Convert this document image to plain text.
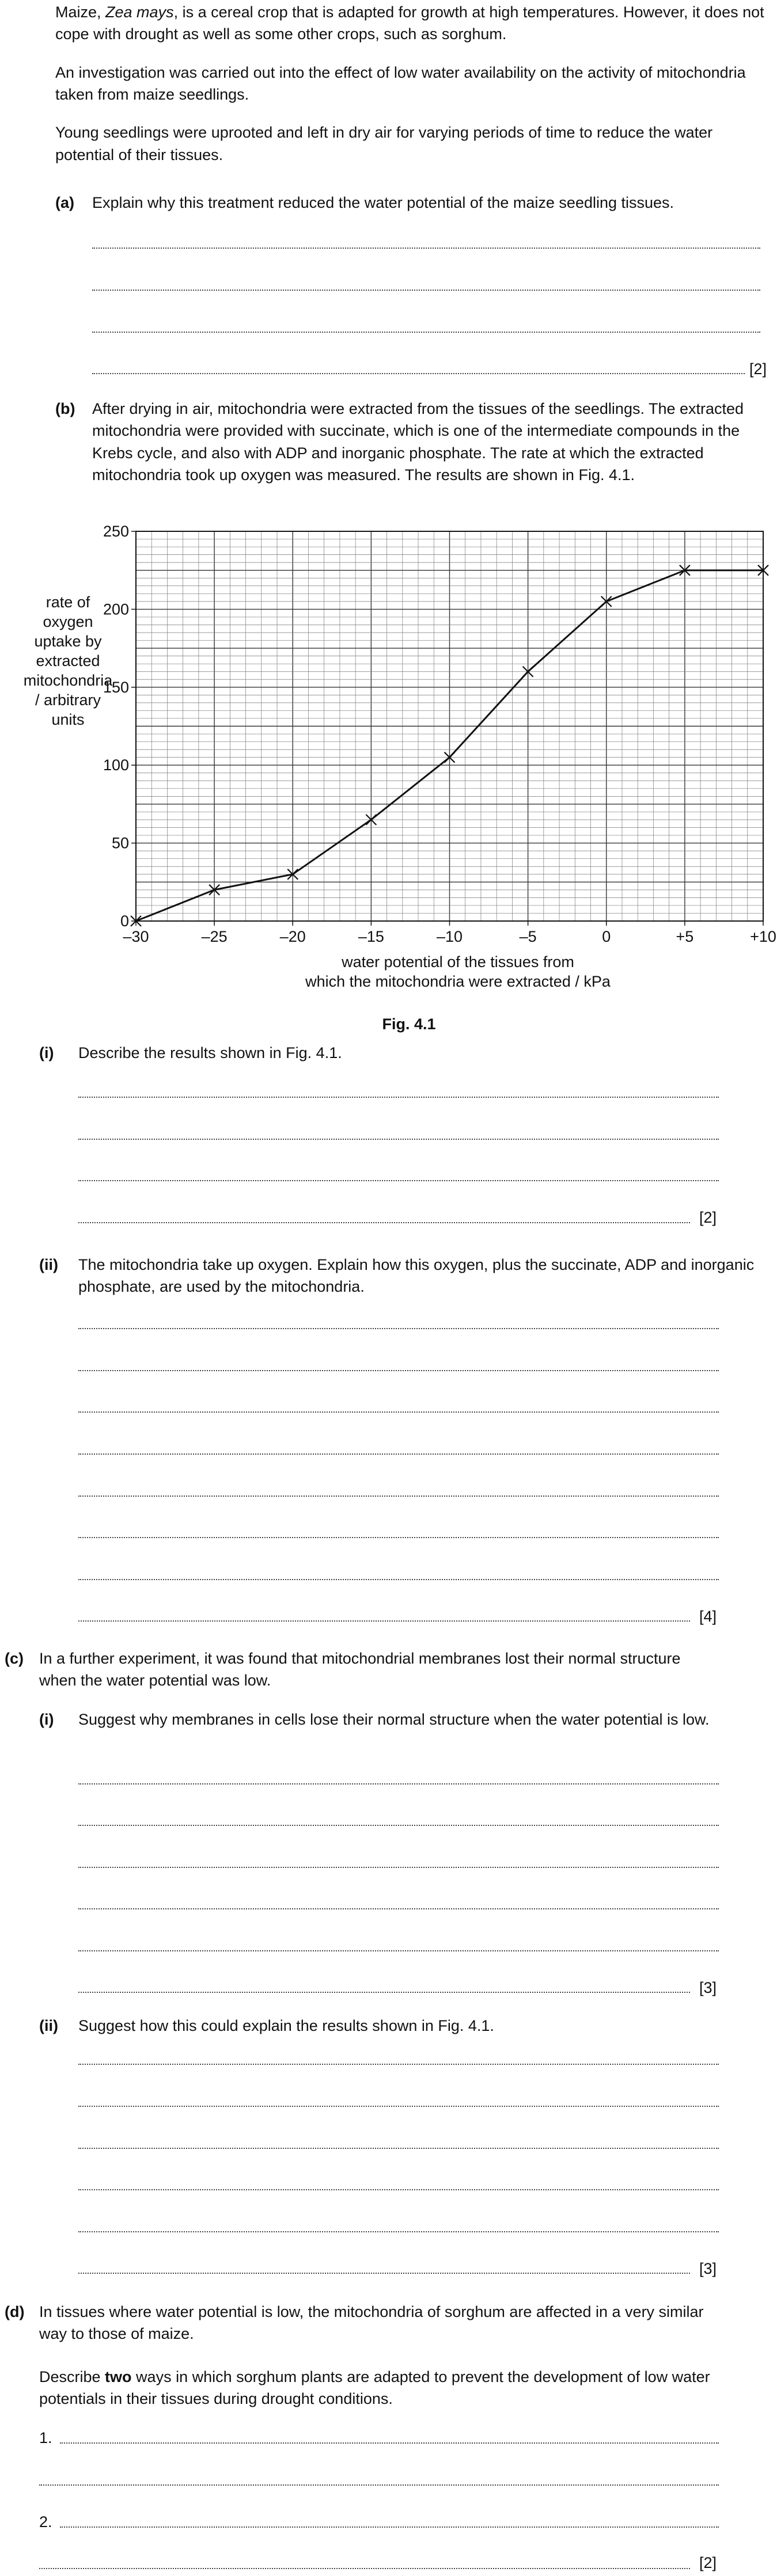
Maize, Zea mays, is a cereal crop that is adapted for growth at high temperatures. However, it does not cope with drought as well as some other crops, such as sorghum.

An investigation was carried out into the effect of low water availability on the activity of mitochondria taken from maize seedlings.

Young seedlings were uprooted and left in dry air for varying periods of time to reduce the water potential of their tissues.

(a) Explain why this treatment reduced the water potential of the maize seedling tissues.

[2]
(b) After drying in air, mitochondria were extracted from the tissues of the seedlings. The extracted mitochondria were provided with succinate, which is one of the intermediate compounds in the Krebs cycle, and also with ADP and inorganic phosphate. The rate at which the extracted mitochondria took up oxygen was measured. The results are shown in Fig. 4.1.

–30	–25	–20	–15	–10	–5	0	+5	+10
0
50
100
150
200
250
rate of
oxygen
uptake by
extracted
mitochondria
/ arbitrary
units
water potential of the tissues from
which the mitochondria were extracted / kPa
Fig. 4.1
(i) Describe the results shown in Fig. 4.1.

[2]
(ii) The mitochondria take up oxygen. Explain how this oxygen, plus the succinate, ADP and inorganic phosphate, are used by the mitochondria.

[4]
(c) In a further experiment, it was found that mitochondrial membranes lost their normal structure when the water potential was low.

(i) Suggest why membranes in cells lose their normal structure when the water potential is low.

[3]
(ii) Suggest how this could explain the results shown in Fig. 4.1.

[3]
(d) In tissues where water potential is low, the mitochondria of sorghum are affected in a very similar way to those of maize.

Describe two ways in which sorghum plants are adapted to prevent the development of low water potentials in their tissues during drought conditions.

1.
2.
[2]
